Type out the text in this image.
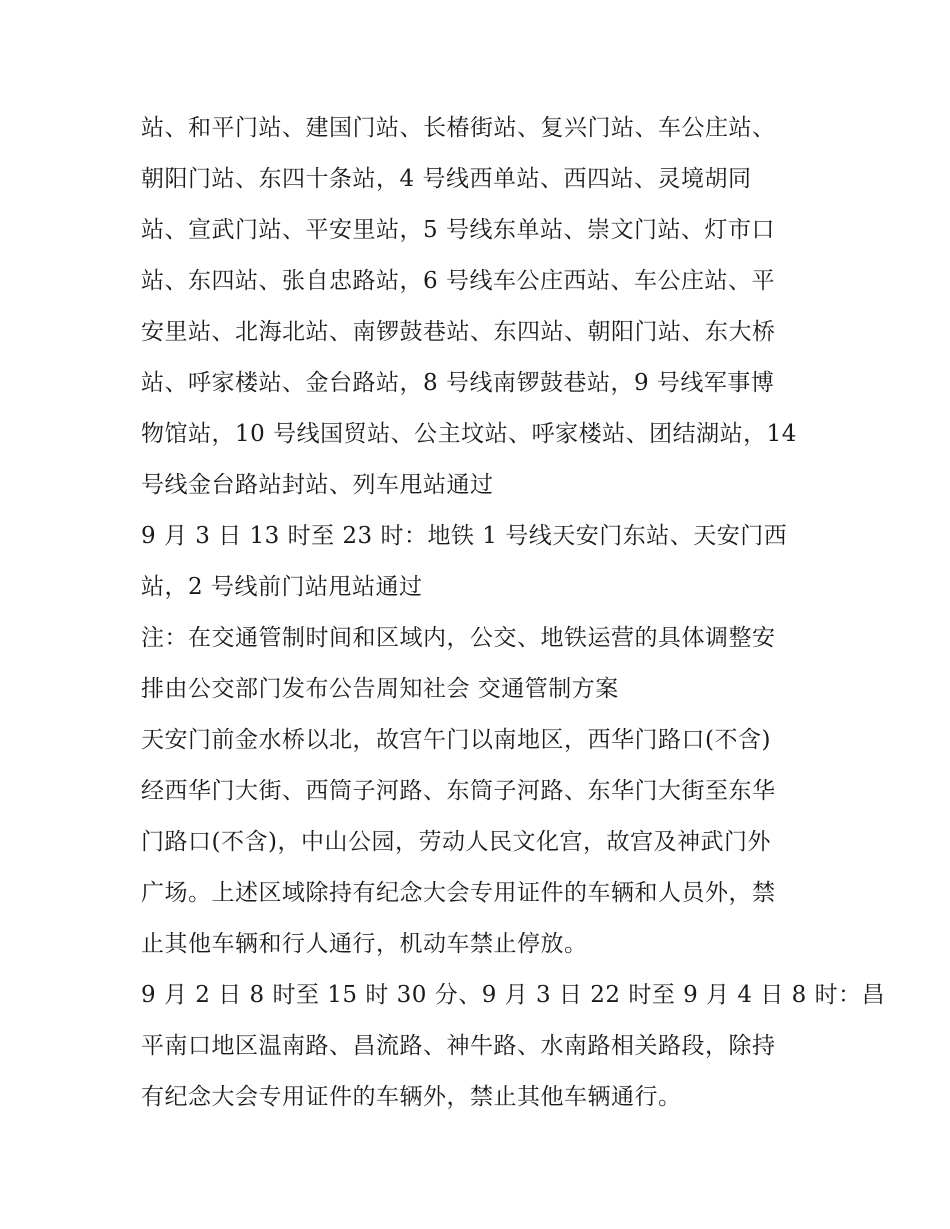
站、和平门站、建国门站、长椿街站、复兴门站、车公庄站、
朝阳门站、东四十条站，4 号线西单站、西四站、灵境胡同
站、宣武门站、平安里站，5 号线东单站、崇文门站、灯市口
站、东四站、张自忠路站，6 号线车公庄西站、车公庄站、平
安里站、北海北站、南锣鼓巷站、东四站、朝阳门站、东大桥
站、呼家楼站、金台路站，8 号线南锣鼓巷站，9 号线军事博
物馆站，10 号线国贸站、公主坟站、呼家楼站、团结湖站，14
号线金台路站封站、列车甩站通过
9 月 3 日 13 时至 23 时：地铁 1 号线天安门东站、天安门西
站，2 号线前门站甩站通过
注：在交通管制时间和区域内，公交、地铁运营的具体调整安
排由公交部门发布公告周知社会 交通管制方案
天安门前金水桥以北，故宫午门以南地区，西华门路口(不含)
经西华门大街、西筒子河路、东筒子河路、东华门大街至东华
门路口(不含)，中山公园，劳动人民文化宫，故宫及神武门外
广场。上述区域除持有纪念大会专用证件的车辆和人员外，禁
止其他车辆和行人通行，机动车禁止停放。
9 月 2 日 8 时至 15 时 30 分、9 月 3 日 22 时至 9 月 4 日 8 时：昌
平南口地区温南路、昌流路、神牛路、水南路相关路段，除持
有纪念大会专用证件的车辆外，禁止其他车辆通行。
